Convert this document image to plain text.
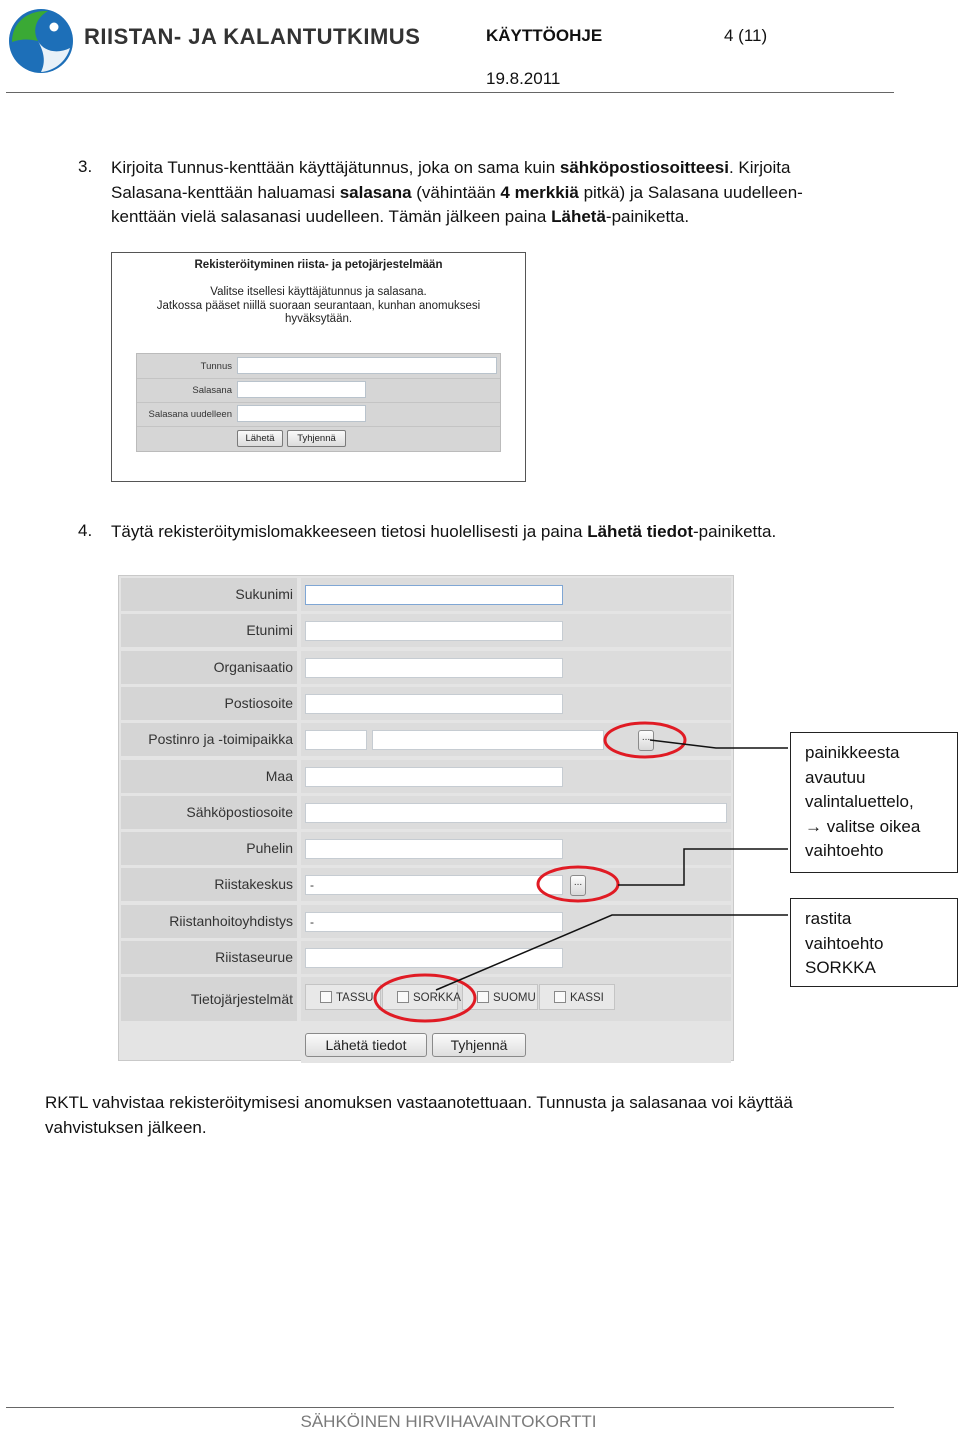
RIISTAN- JA KALANTUTKIMUS	KÄYTTÖOHJE	4 (11)
19.8.2011
3. Kirjoita Tunnus-kenttään käyttäjätunnus, joka on sama kuin sähköpostiosoitteesi. Kirjoita
Salasana-kenttään haluamasi salasana (vähintään 4 merkkiä pitkä) ja Salasana uudelleen-
kenttään vielä salasanasi uudelleen. Tämän jälkeen paina Lähetä-painiketta.
Rekisteröityminen riista- ja petojärjestelmään
Valitse itsellesi käyttäjätunnus ja salasana.
Jatkossa pääset niillä suoraan seurantaan, kunhan anomuksesi
hyväksytään.
Tunnus
Salasana
Salasana uudelleen
Lähetä	Tyhjennä
4. Täytä rekisteröitymislomakkeeseen tietosi huolellisesti ja paina Lähetä tiedot-painiketta.
Sukunimi
Etunimi
Organisaatio
Postiosoite
Postinro ja -toimipaikka	...
Maa
Sähköpostiosoite
Puhelin
Riistakeskus	-	...
Riistanhoitoyhdistys	-
Riistaseurue
Tietojärjestelmät	TASSU	SORKKA	SUOMU	KASSI
Lähetä tiedot	Tyhjennä
painikkeesta
avautuu
valintaluettelo,
→ valitse oikea
vaihtoehto
rastita
vaihtoehto
SORKKA
RKTL vahvistaa rekisteröitymisesi anomuksen vastaanotettuaan. Tunnusta ja salasanaa voi käyttää
vahvistuksen jälkeen.
SÄHKÖINEN HIRVIHAVAINTOKORTTI
